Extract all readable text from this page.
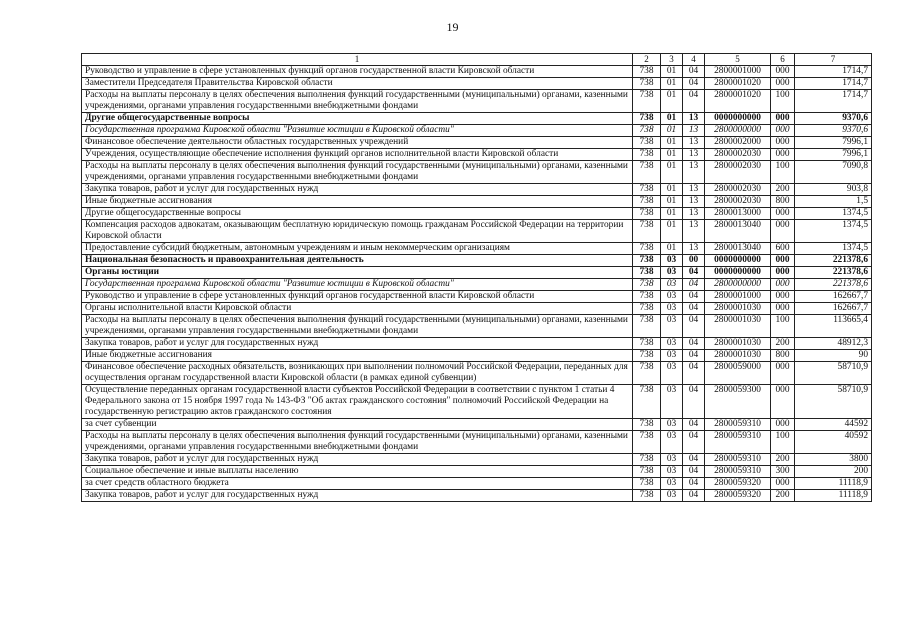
19
1	2	3	4	5	6	7
Руководство и управление в сфере установленных функций органов государственной власти Кировской области	738	01	04	2800001000	000	1714,7
Заместители Председателя Правительства Кировской области	738	01	04	2800001020	000	1714,7
Расходы на выплаты персоналу в целях обеспечения выполнения функций государственными (муниципальными) органами, казенными учреждениями, органами управления государственными внебюджетными фондами	738	01	04	2800001020	100	1714,7
Другие общегосударственные вопросы	738	01	13	0000000000	000	9370,6
Государственная программа Кировской области "Развитие юстиции в Кировской области"	738	01	13	2800000000	000	9370,6
Финансовое обеспечение деятельности областных государственных учреждений	738	01	13	2800002000	000	7996,1
Учреждения, осуществляющие обеспечение исполнения функций органов исполнительной власти Кировской области	738	01	13	2800002030	000	7996,1
Расходы на выплаты персоналу в целях обеспечения выполнения функций государственными (муниципальными) органами, казенными учреждениями, органами управления государственными внебюджетными фондами	738	01	13	2800002030	100	7090,8
Закупка товаров, работ и услуг для государственных нужд	738	01	13	2800002030	200	903,8
Иные бюджетные ассигнования	738	01	13	2800002030	800	1,5
Другие общегосударственные вопросы	738	01	13	2800013000	000	1374,5
Компенсация расходов адвокатам, оказывающим бесплатную юридическую помощь гражданам Российской Федерации на территории Кировской области	738	01	13	2800013040	000	1374,5
Предоставление субсидий бюджетным, автономным учреждениям и иным некоммерческим организациям	738	01	13	2800013040	600	1374,5
Национальная безопасность и правоохранительная деятельность	738	03	00	0000000000	000	221378,6
Органы юстиции	738	03	04	0000000000	000	221378,6
Государственная программа Кировской области "Развитие юстиции в Кировской области"	738	03	04	2800000000	000	221378,6
Руководство и управление в сфере установленных функций органов государственной власти Кировской области	738	03	04	2800001000	000	162667,7
Органы исполнительной власти Кировской области	738	03	04	2800001030	000	162667,7
Расходы на выплаты персоналу в целях обеспечения выполнения функций государственными (муниципальными) органами, казенными учреждениями, органами управления государственными внебюджетными фондами	738	03	04	2800001030	100	113665,4
Закупка товаров, работ и услуг для государственных нужд	738	03	04	2800001030	200	48912,3
Иные бюджетные ассигнования	738	03	04	2800001030	800	90
Финансовое обеспечение расходных обязательств, возникающих при выполнении полномочий Российской Федерации, переданных для осуществления органам государственной власти Кировской области (в рамках единой субвенции)	738	03	04	2800059000	000	58710,9
Осуществление переданных органам государственной власти субъектов Российской Федерации в соответствии с пунктом 1 статьи 4 Федерального закона от 15 ноября 1997 года № 143-ФЗ "Об актах гражданского состояния" полномочий Российской Федерации на государственную регистрацию актов гражданского состояния	738	03	04	2800059300	000	58710,9
за счет субвенции	738	03	04	2800059310	000	44592
Расходы на выплаты персоналу в целях обеспечения выполнения функций государственными (муниципальными) органами, казенными учреждениями, органами управления государственными внебюджетными фондами	738	03	04	2800059310	100	40592
Закупка товаров, работ и услуг для государственных нужд	738	03	04	2800059310	200	3800
Социальное обеспечение и иные выплаты населению	738	03	04	2800059310	300	200
за счет средств областного бюджета	738	03	04	2800059320	000	11118,9
Закупка товаров, работ и услуг для государственных нужд	738	03	04	2800059320	200	11118,9
